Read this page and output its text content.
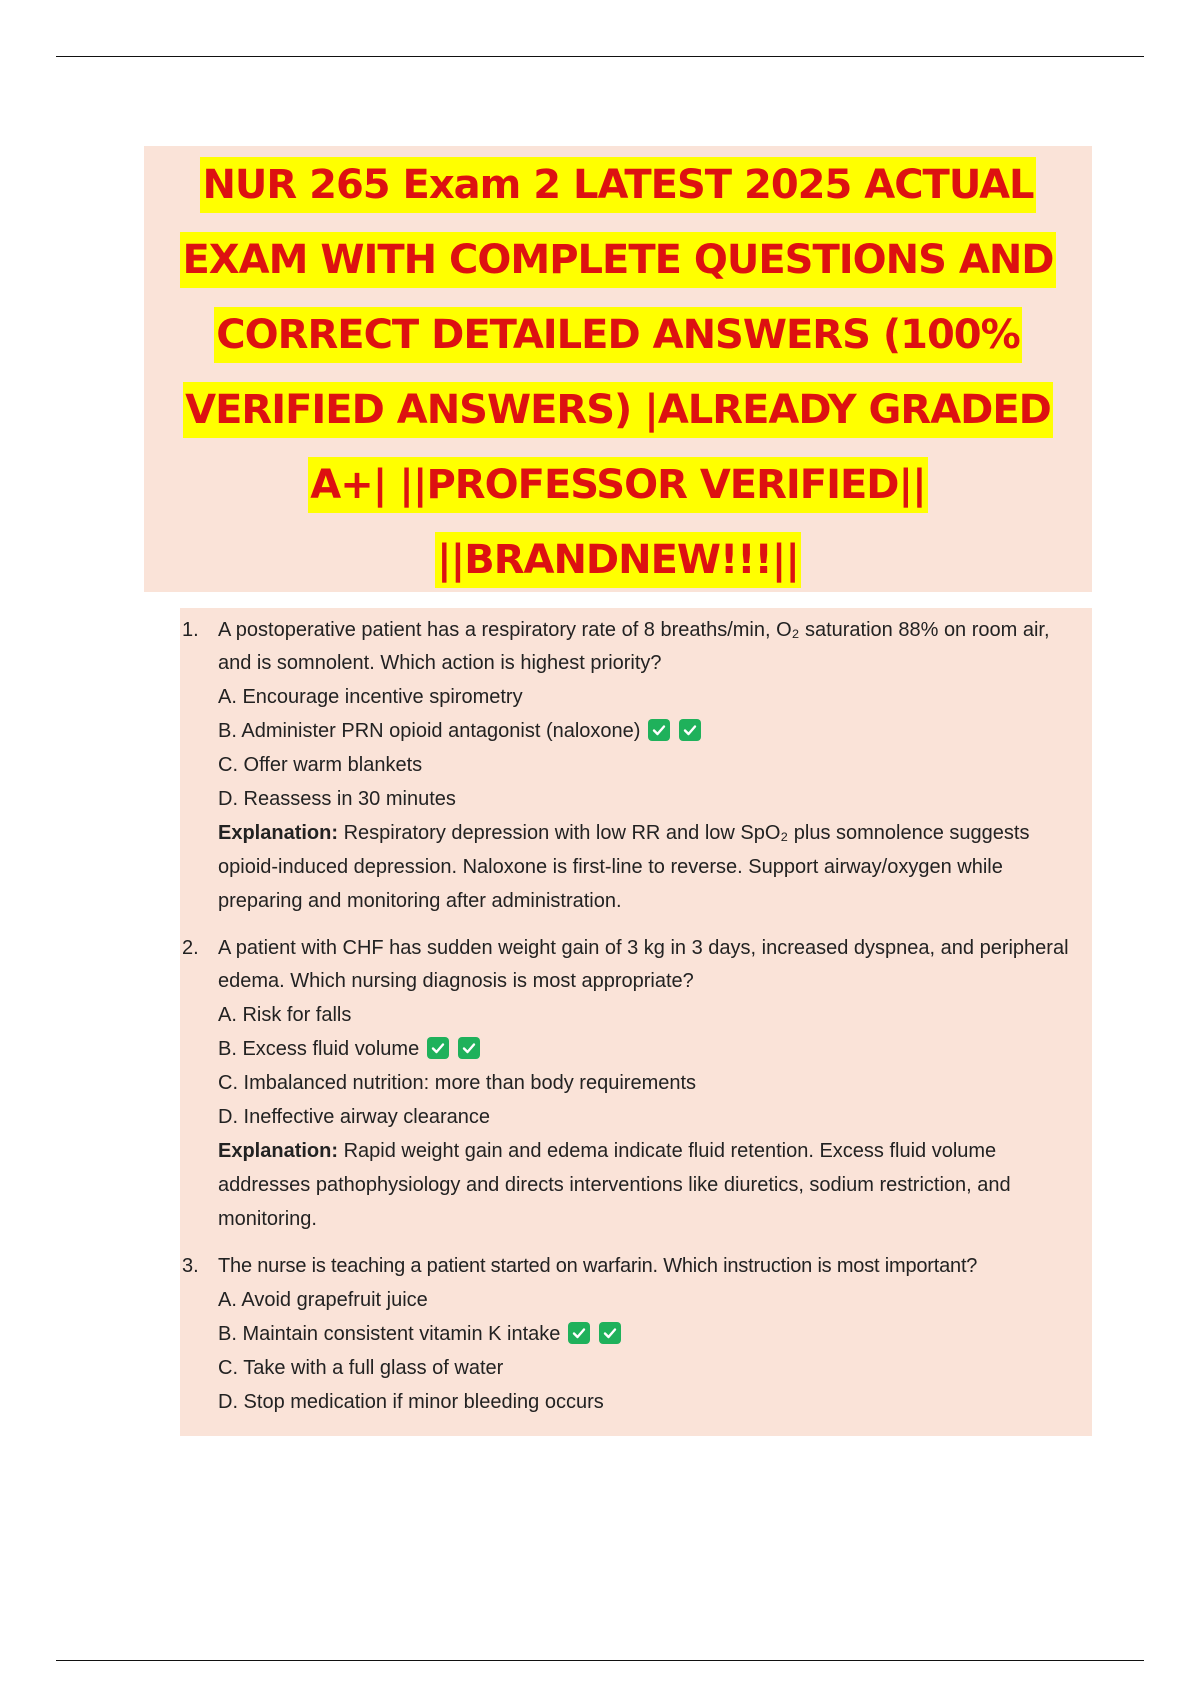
NUR 265 Exam 2 LATEST 2025 ACTUAL
EXAM WITH COMPLETE QUESTIONS AND
CORRECT DETAILED ANSWERS (100%
VERIFIED ANSWERS) |ALREADY GRADED
A+| ||PROFESSOR VERIFIED||
||BRANDNEW!!!||
1. A postoperative patient has a respiratory rate of 8 breaths/min, O₂ saturation 88% on room air, and is somnolent. Which action is highest priority?

A. Encourage incentive spirometry
B. Administer PRN opioid antagonist (naloxone)
C. Offer warm blankets
D. Reassess in 30 minutes

Explanation: Respiratory depression with low RR and low SpO₂ plus somnolence suggests opioid-induced depression. Naloxone is first-line to reverse. Support airway/oxygen while preparing and monitoring after administration.

2. A patient with CHF has sudden weight gain of 3 kg in 3 days, increased dyspnea, and peripheral edema. Which nursing diagnosis is most appropriate?

A. Risk for falls
B. Excess fluid volume
C. Imbalanced nutrition: more than body requirements
D. Ineffective airway clearance

Explanation: Rapid weight gain and edema indicate fluid retention. Excess fluid volume addresses pathophysiology and directs interventions like diuretics, sodium restriction, and monitoring.

3. The nurse is teaching a patient started on warfarin. Which instruction is most important?

A. Avoid grapefruit juice
B. Maintain consistent vitamin K intake
C. Take with a full glass of water
D. Stop medication if minor bleeding occurs
